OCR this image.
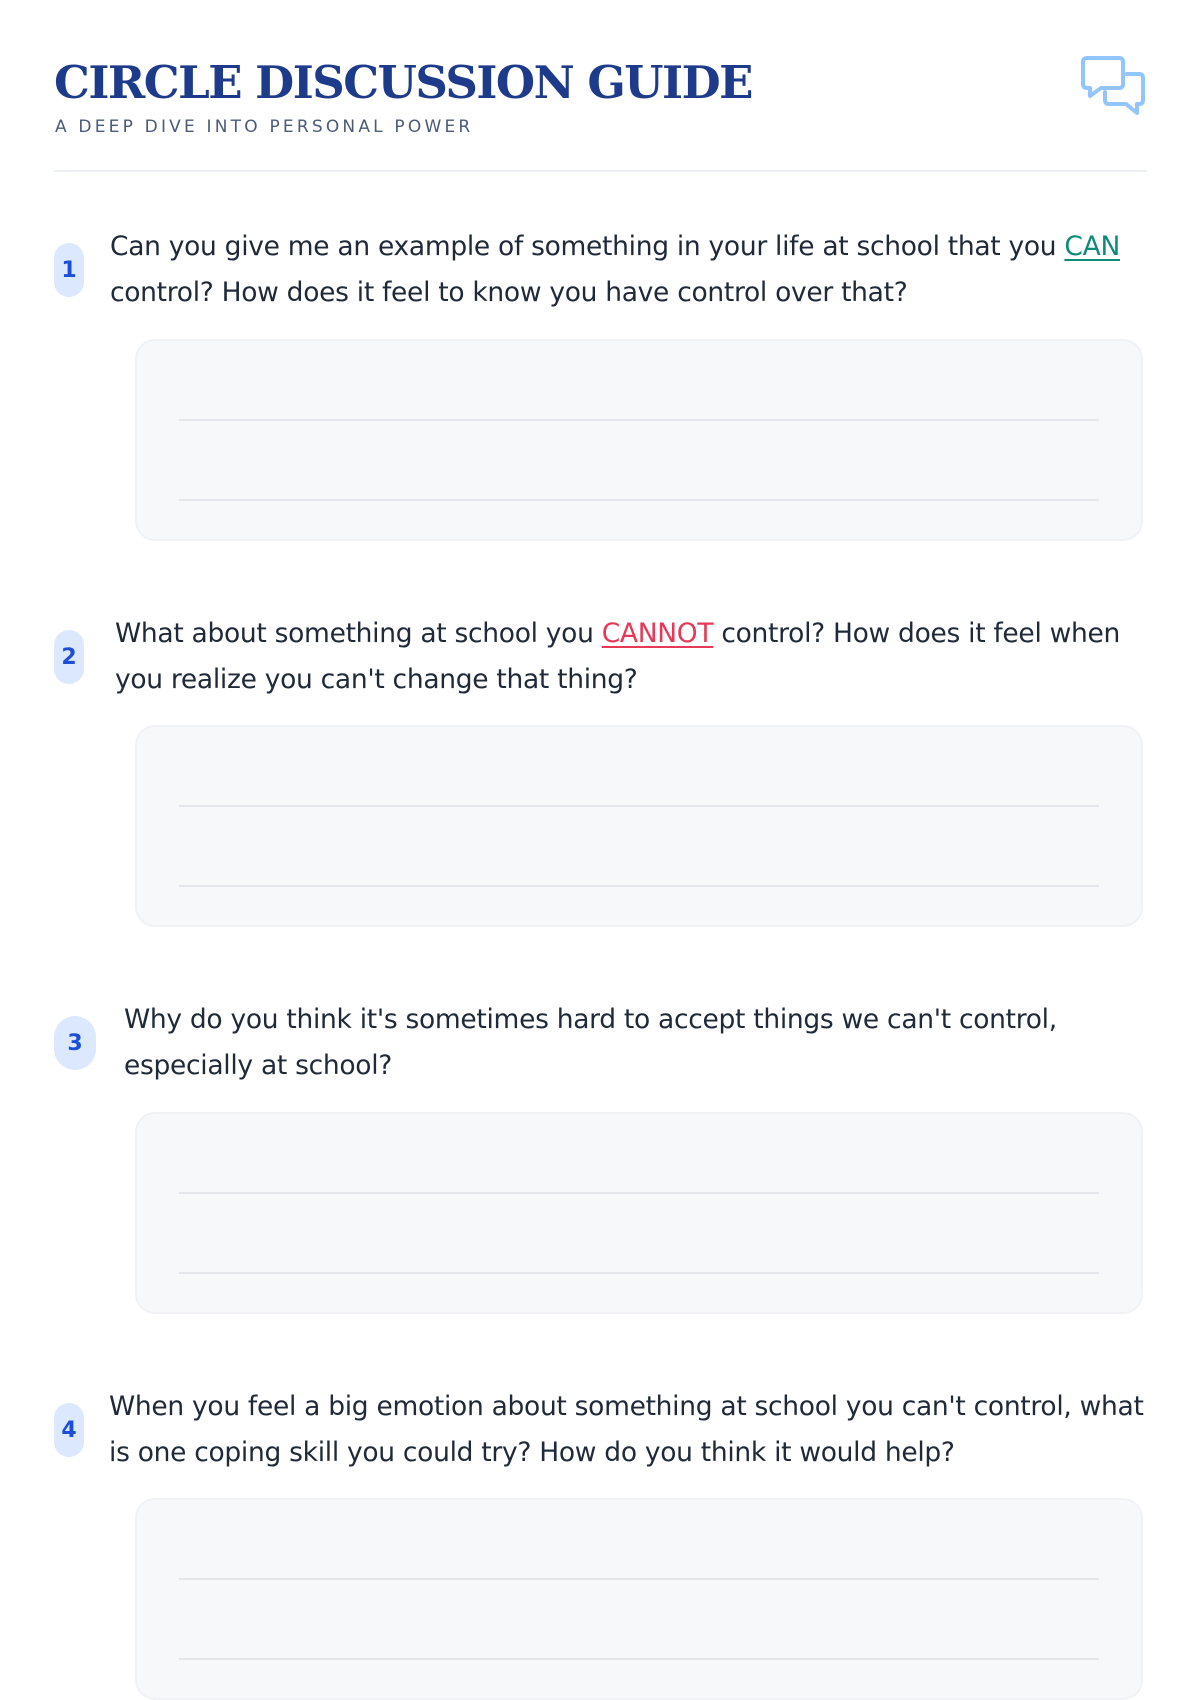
CIRCLE DISCUSSION GUIDE
A DEEP DIVE INTO PERSONAL POWER
1
Can you give me an example of something in your life at school that you CAN control? How does it feel to know you have control over that?
2
What about something at school you CANNOT control? How does it feel when you realize you can't change that thing?
3
Why do you think it's sometimes hard to accept things we can't control, especially at school?
4
When you feel a big emotion about something at school you can't control, what is one coping skill you could try? How do you think it would help?
